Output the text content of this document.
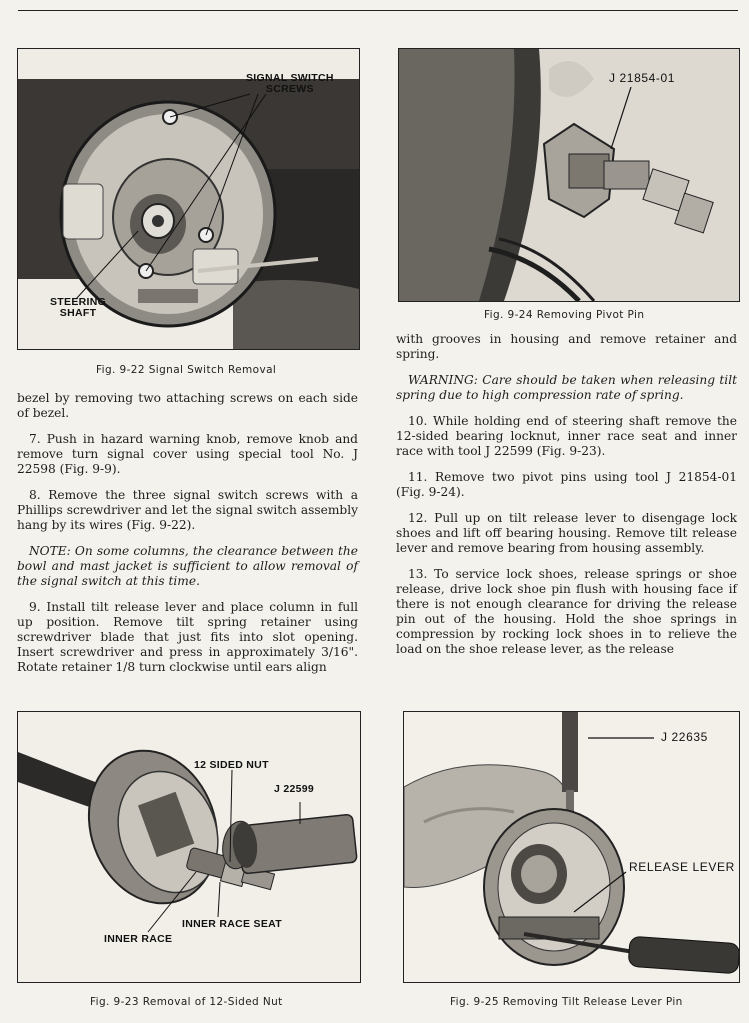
SIGNAL SWITCH
SCREWS
STEERING
SHAFT
Fig. 9-22 Signal Switch Removal
J 21854-01
Fig. 9-24 Removing Pivot Pin

bezel by removing two attaching screws on each side of bezel.

7. Push in hazard warning knob, remove knob and remove turn signal cover using special tool No. J 22598 (Fig. 9-9).

8. Remove the three signal switch screws with a Phillips screwdriver and let the signal switch assembly hang by its wires (Fig. 9-22).

NOTE: On some columns, the clearance between the bowl and mast jacket is sufficient to allow removal of the signal switch at this time.

9. Install tilt release lever and place column in full up position. Remove tilt spring retainer using screwdriver blade that just fits into slot opening. Insert screwdriver and press in approximately 3/16". Rotate retainer 1/8 turn clockwise until ears align

with grooves in housing and remove retainer and spring.

WARNING: Care should be taken when releasing tilt spring due to high compression rate of spring.

10. While holding end of steering shaft remove the 12-sided bearing locknut, inner race seat and inner race with tool J 22599 (Fig. 9-23).

11. Remove two pivot pins using tool J 21854-01 (Fig. 9-24).

12. Pull up on tilt release lever to disengage lock shoes and lift off bearing housing. Remove tilt release lever and remove bearing from housing assembly.

13. To service lock shoes, release springs or shoe release, drive lock shoe pin flush with housing face if there is not enough clearance for driving the release pin out of the housing. Hold the shoe springs in compression by rocking lock shoes in to relieve the load on the shoe release lever, as the release

12 SIDED NUT
J 22599
INNER RACE SEAT
INNER RACE
Fig. 9-23 Removal of 12-Sided Nut
J 22635
RELEASE LEVER
Fig. 9-25 Removing Tilt Release Lever Pin
